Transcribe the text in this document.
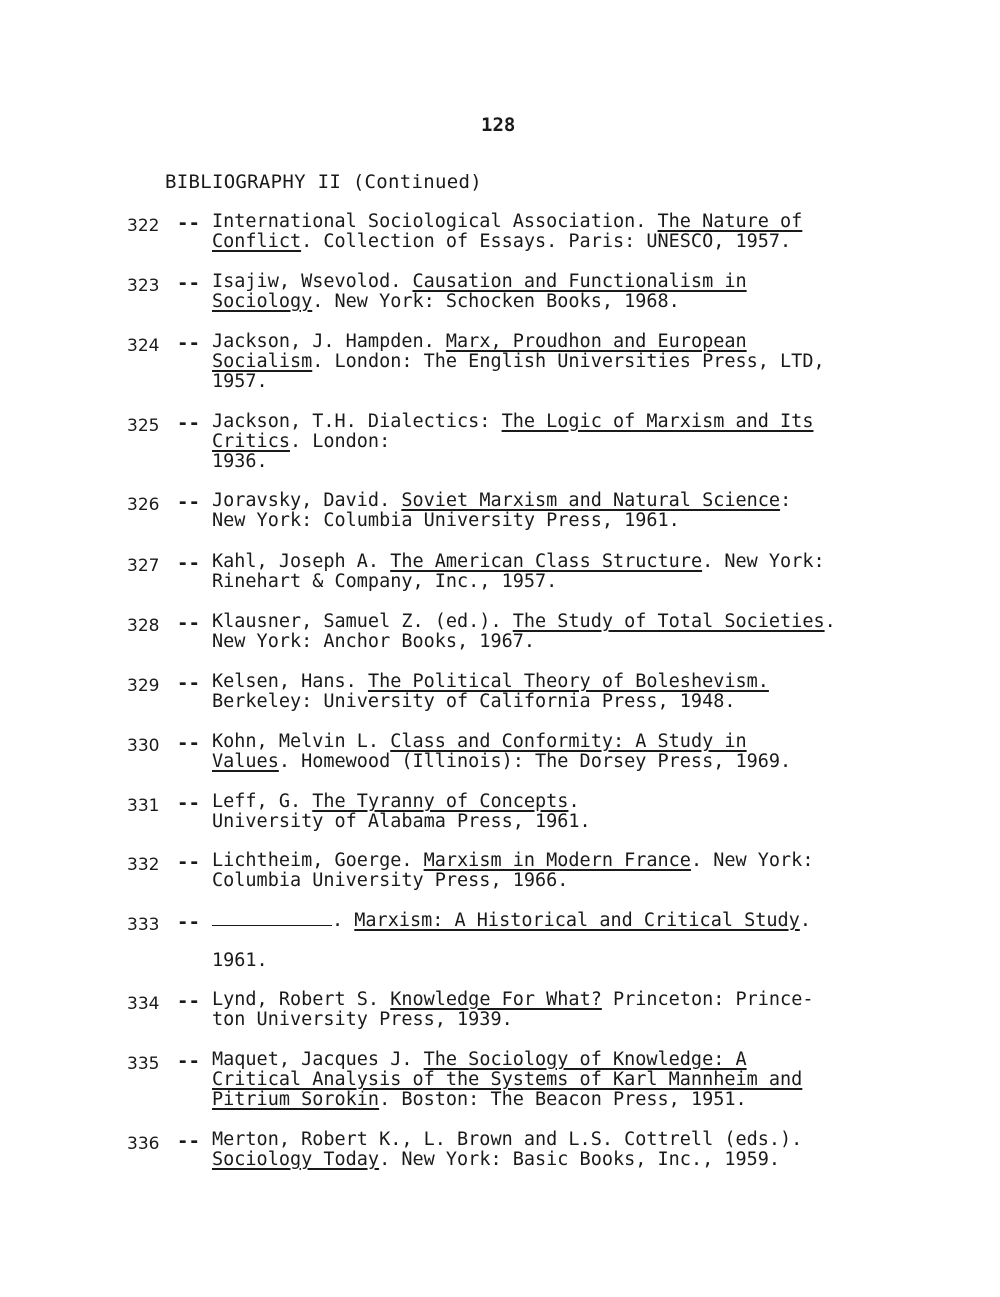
128
BIBLIOGRAPHY II (Continued)
322 -- International Sociological Association. The Nature of
Conflict. Collection of Essays. Paris: UNESCO, 1957.
323 -- Isajiw, Wsevolod. Causation and Functionalism in
Sociology. New York: Schocken Books, 1968.
324 -- Jackson, J. Hampden. Marx, Proudhon and European
Socialism. London: The English Universities Press, LTD,
1957.
325 -- Jackson, T.H. Dialectics: The Logic of Marxism and Its
Critics. London:
1936.
326 -- Joravsky, David. Soviet Marxism and Natural Science:
New York: Columbia University Press, 1961.
327 -- Kahl, Joseph A. The American Class Structure. New York:
Rinehart & Company, Inc., 1957.
328 -- Klausner, Samuel Z. (ed.). The Study of Total Societies.
New York: Anchor Books, 1967.
329 -- Kelsen, Hans. The Political Theory of Boleshevism.
Berkeley: University of California Press, 1948.
330 -- Kohn, Melvin L. Class and Conformity: A Study in
Values. Homewood (Illinois): The Dorsey Press, 1969.
331 -- Leff, G. The Tyranny of Concepts.
University of Alabama Press, 1961.
332 -- Lichtheim, Goerge. Marxism in Modern France. New York:
Columbia University Press, 1966.
333 --	. Marxism: A Historical and Critical Study.
1961.
334 -- Lynd, Robert S. Knowledge For What? Princeton: Prince-
ton University Press, 1939.
335 -- Maquet, Jacques J. The Sociology of Knowledge: A
Critical Analysis of the Systems of Karl Mannheim and
Pitrium Sorokin. Boston: The Beacon Press, 1951.
336 -- Merton, Robert K., L. Brown and L.S. Cottrell (eds.).
Sociology Today. New York: Basic Books, Inc., 1959.
